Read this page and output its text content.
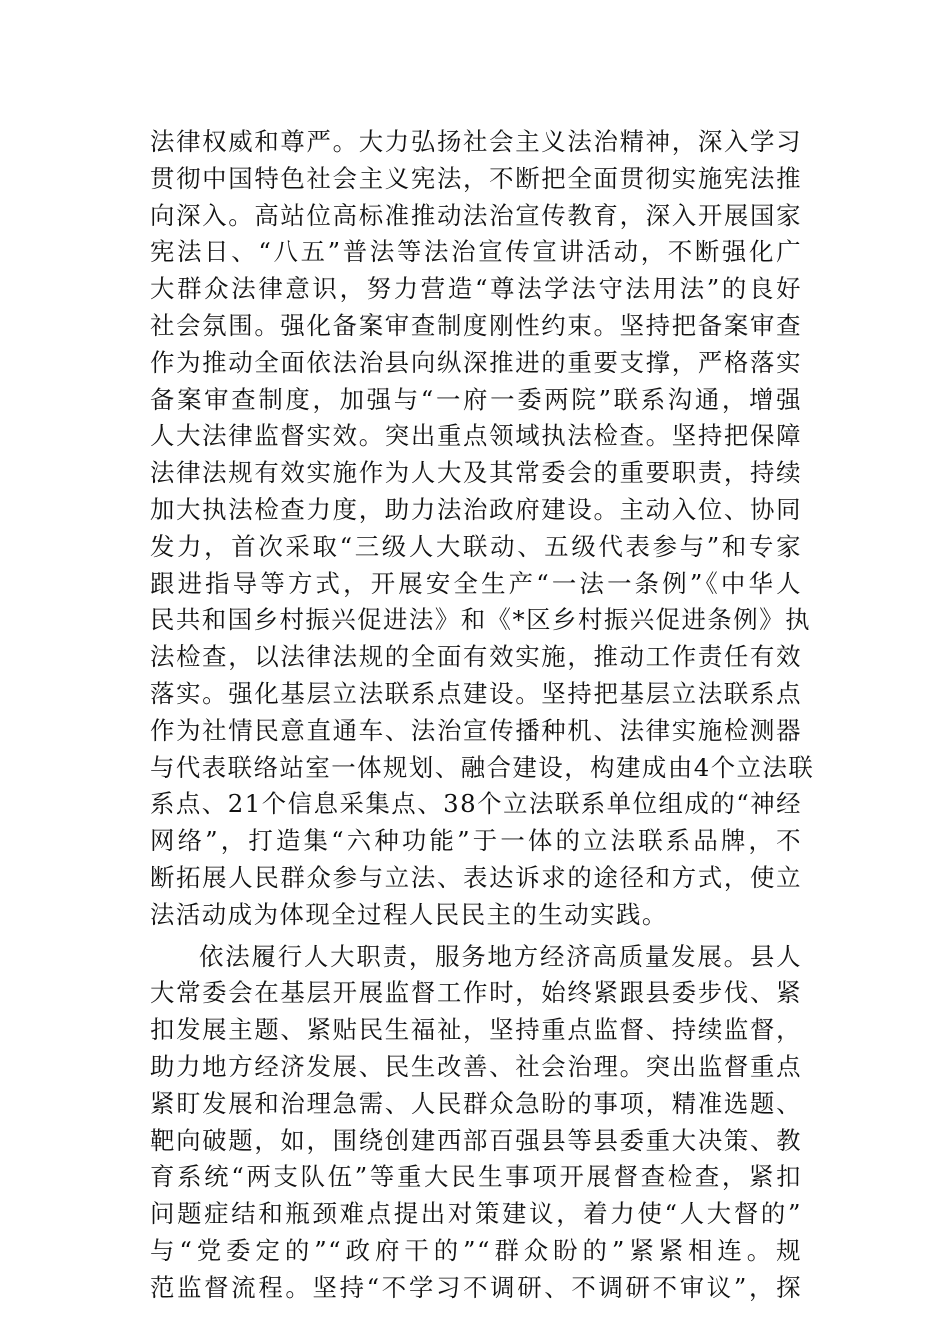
法律权威和尊严。大力弘扬社会主义法治精神，深入学习
贯彻中国特色社会主义宪法，不断把全面贯彻实施宪法推
向深入。高站位高标准推动法治宣传教育，深入开展国家
宪法日、“八五”普法等法治宣传宣讲活动，不断强化广
大群众法律意识，努力营造“尊法学法守法用法”的良好
社会氛围。强化备案审查制度刚性约束。坚持把备案审查
作为推动全面依法治县向纵深推进的重要支撑，严格落实
备案审查制度，加强与“一府一委两院”联系沟通，增强
人大法律监督实效。突出重点领域执法检查。坚持把保障
法律法规有效实施作为人大及其常委会的重要职责，持续
加大执法检查力度，助力法治政府建设。主动入位、协同
发力，首次采取“三级人大联动、五级代表参与”和专家
跟进指导等方式，开展安全生产“一法一条例”《中华人
民共和国乡村振兴促进法》和《*区乡村振兴促进条例》执
法检查，以法律法规的全面有效实施，推动工作责任有效
落实。强化基层立法联系点建设。坚持把基层立法联系点
作为社情民意直通车、法治宣传播种机、法律实施检测器
与代表联络站室一体规划、融合建设，构建成由4个立法联
系点、21个信息采集点、38个立法联系单位组成的“神经
网络”，打造集“六种功能”于一体的立法联系品牌，不
断拓展人民群众参与立法、表达诉求的途径和方式，使立
法活动成为体现全过程人民民主的生动实践。
依法履行人大职责，服务地方经济高质量发展。县人
大常委会在基层开展监督工作时，始终紧跟县委步伐、紧
扣发展主题、紧贴民生福祉，坚持重点监督、持续监督，
助力地方经济发展、民生改善、社会治理。突出监督重点
紧盯发展和治理急需、人民群众急盼的事项，精准选题、
靶向破题，如，围绕创建西部百强县等县委重大决策、教
育系统“两支队伍”等重大民生事项开展督查检查，紧扣
问题症结和瓶颈难点提出对策建议，着力使“人大督的”
与“党委定的”“政府干的”“群众盼的”紧紧相连。规
范监督流程。坚持“不学习不调研、不调研不审议”，探
